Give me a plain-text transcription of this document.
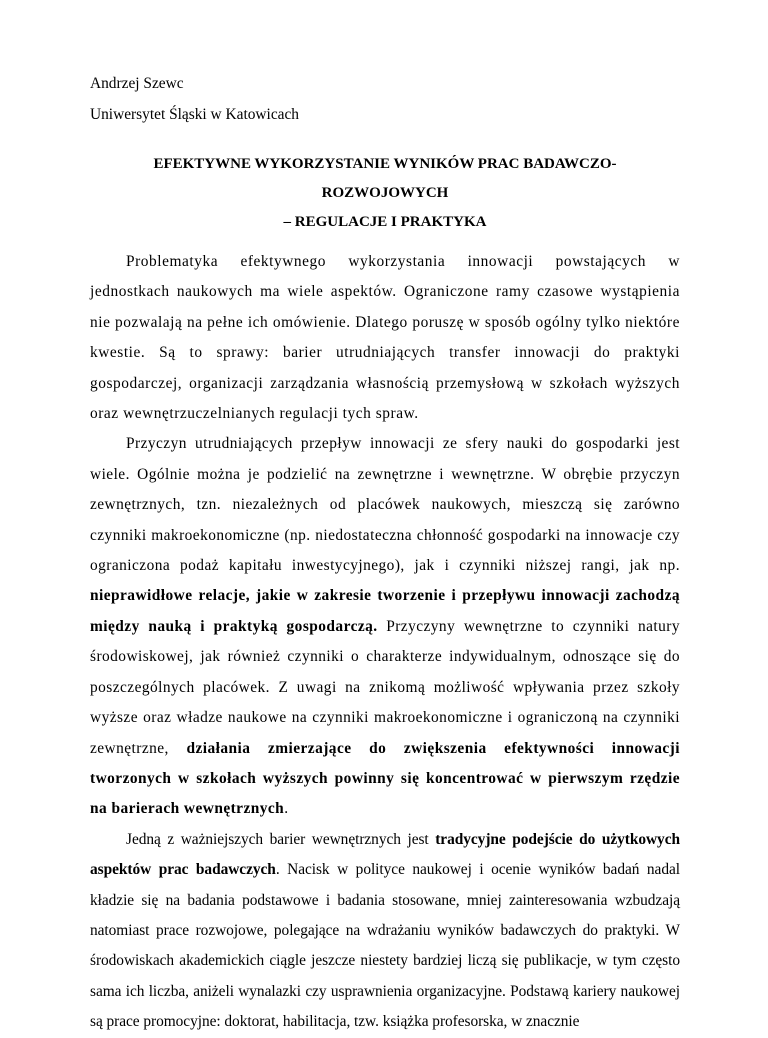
Andrzej Szewc

Uniwersytet Śląski w Katowicach

EFEKTYWNE WYKORZYSTANIE WYNIKÓW PRAC BADAWCZO-
ROZWOJOWYCH
– REGULACJE I PRAKTYKA

Problematyka efektywnego wykorzystania innowacji powstających w

jednostkach naukowych ma wiele aspektów. Ograniczone ramy czasowe wystąpienia nie pozwalają na pełne ich omówienie. Dlatego poruszę w sposób ogólny tylko niektóre kwestie. Są to sprawy: barier utrudniających transfer innowacji do praktyki gospodarczej, organizacji zarządzania własnością przemysłową w szkołach wyższych oraz wewnętrzuczelnianych regulacji tych spraw.

Przyczyn utrudniających przepływ innowacji ze sfery nauki do gospodarki jest wiele. Ogólnie można je podzielić na zewnętrzne i wewnętrzne. W obrębie przyczyn zewnętrznych, tzn. niezależnych od placówek naukowych, mieszczą się zarówno czynniki makroekonomiczne (np. niedostateczna chłonność gospodarki na innowacje czy ograniczona podaż kapitału inwestycyjnego), jak i czynniki niższej rangi, jak np. nieprawidłowe relacje, jakie w zakresie tworzenie i przepływu innowacji zachodzą między nauką i praktyką gospodarczą. Przyczyny wewnętrzne to czynniki natury środowiskowej, jak również czynniki o charakterze indywidualnym, odnoszące się do poszczególnych placówek. Z uwagi na znikomą możliwość wpływania przez szkoły wyższe oraz władze naukowe na czynniki makroekonomiczne i ograniczoną na czynniki zewnętrzne, działania zmierzające do zwiększenia efektywności innowacji tworzonych w szkołach wyższych powinny się koncentrować w pierwszym rzędzie na barierach wewnętrznych.

Jedną z ważniejszych barier wewnętrznych jest tradycyjne podejście do użytkowych aspektów prac badawczych. Nacisk w polityce naukowej i ocenie wyników badań nadal kładzie się na badania podstawowe i badania stosowane, mniej zainteresowania wzbudzają natomiast prace rozwojowe, polegające na wdrażaniu wyników badawczych do praktyki. W środowiskach akademickich ciągle jeszcze niestety bardziej liczą się publikacje, w tym często sama ich liczba, aniżeli wynalazki czy usprawnienia organizacyjne. Podstawą kariery naukowej są prace promocyjne: doktorat, habilitacja, tzw. książka profesorska, w znacznie
